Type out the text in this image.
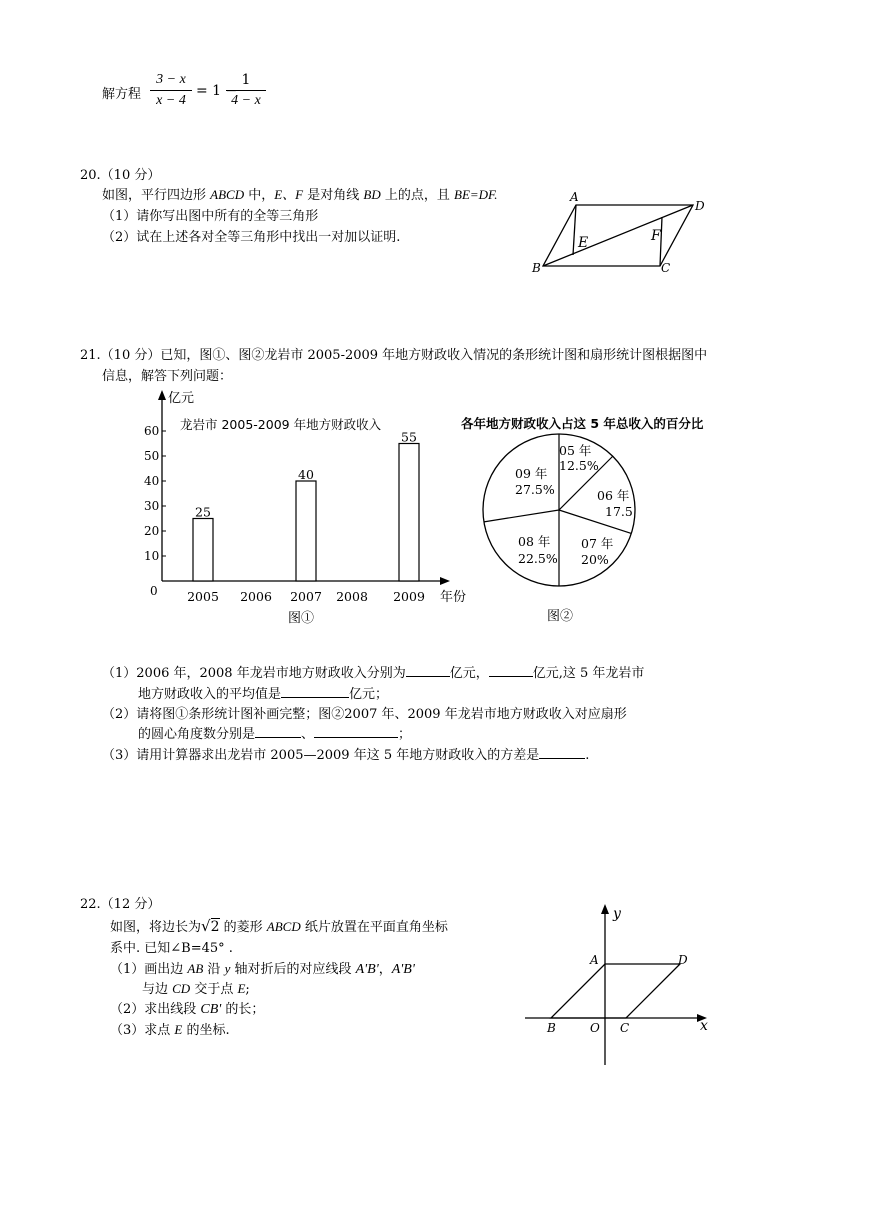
解方程
3 − x
x − 4
= 1 −
1
4 − x
20.（10 分）
如图，平行四边形 ABCD 中，E、F 是对角线 BD 上的点，且 BE=DF.
（1）请你写出图中所有的全等三角形
（2）试在上述各对全等三角形中找出一对加以证明.
A
D
B	C
E	F
21.（10 分）已知，图①、图②龙岩市 2005-2009 年地方财政收入情况的条形统计图和扇形统计图根据图中
信息，解答下列问题：
亿元
龙岩市 2005-2009 年地方财政收入
年份
图①
0
10
20
30
40
50
60
2005
25
2006 2007
40
2008 2009
55
各年地方财政收入占这 5 年总收入的百分比
图②
05 年
12.5%
06 年
17.5
07 年
20%
08 年
22.5%
09 年
27.5%
（1）2006 年，2008 年龙岩市地方财政收入分别为	亿元，	亿元,这 5 年龙岩市
地方财政收入的平均值是	亿元；
（2）请将图①条形统计图补画完整；图②2007 年、2009 年龙岩市地方财政收入对应扇形
的圆心角度数分别是	、	；
（3）请用计算器求出龙岩市 2005—2009 年这 5 年地方财政收入的方差是	.
22.（12 分）
如图，将边长为√2 的菱形 ABCD 纸片放置在平面直角坐标
系中. 已知∠B=45° .
（1）画出边 AB 沿 y 轴对折后的对应线段 A'B'，A'B'
与边 CD 交于点 E;
（2）求出线段 CB' 的长；
（3）求点 E 的坐标.
y
x
A	D
B	O C
